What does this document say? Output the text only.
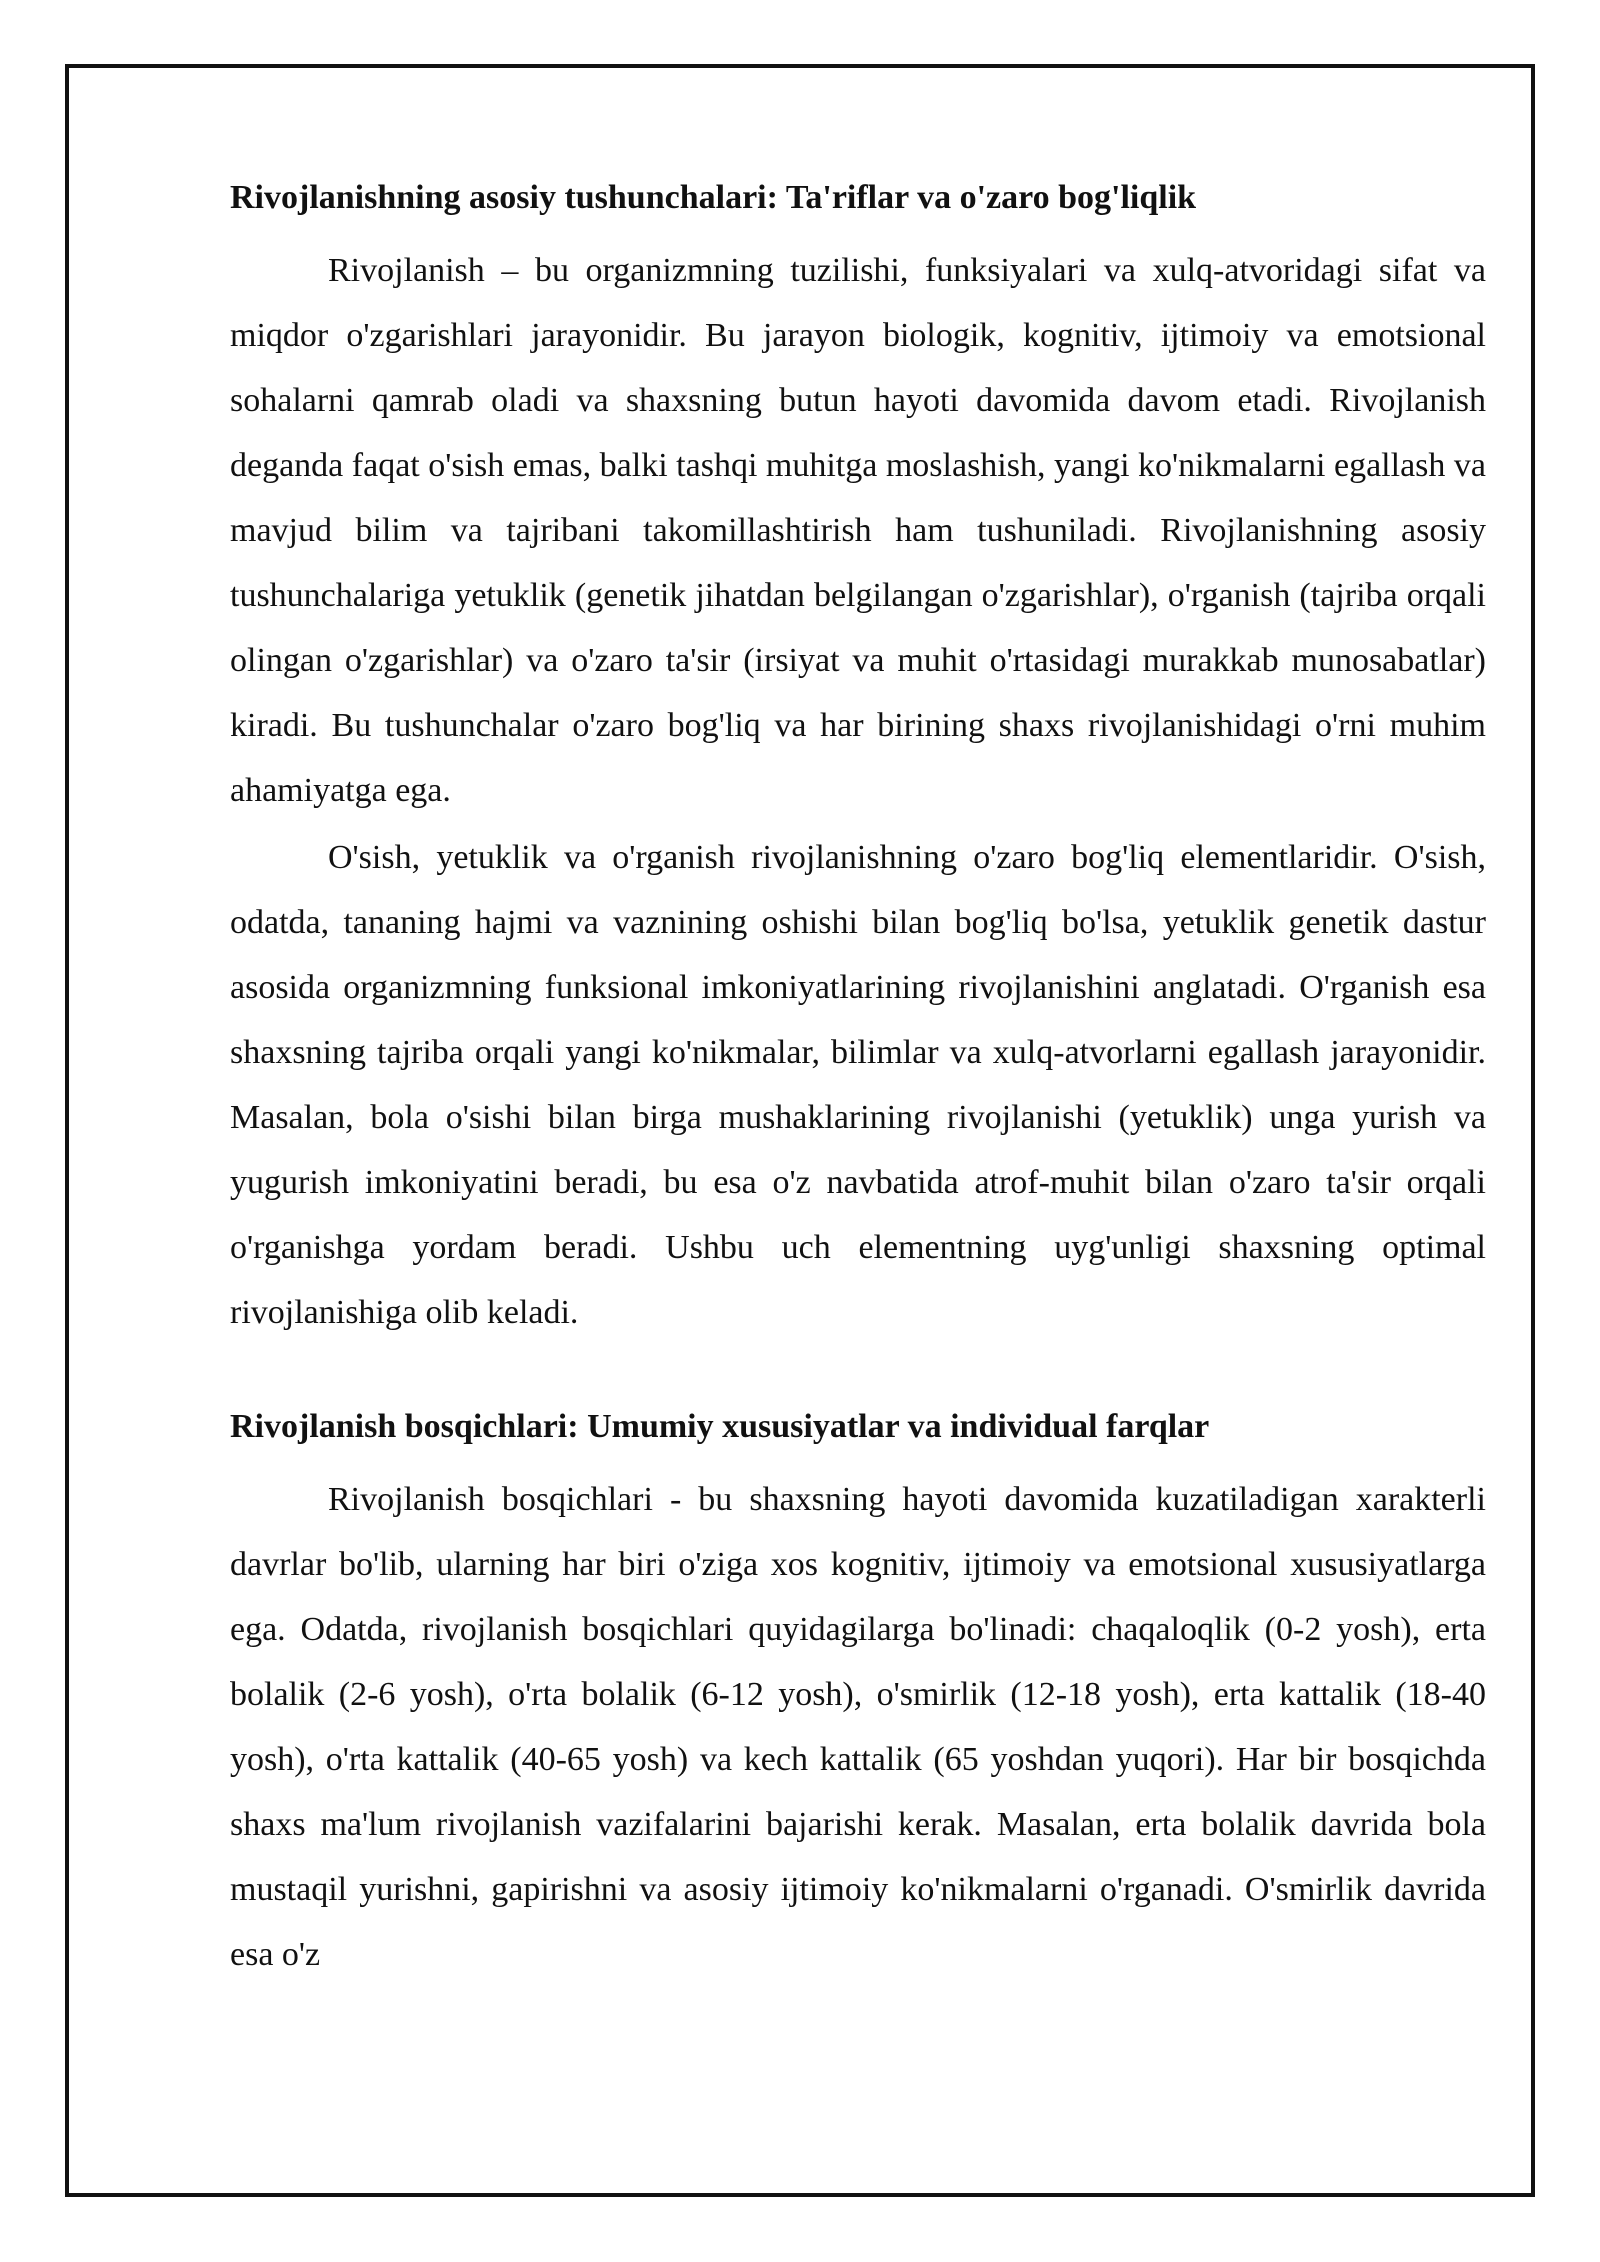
Rivojlanishning asosiy tushunchalari: Ta'riflar va o'zaro bog'liqlik

Rivojlanish – bu organizmning tuzilishi, funksiyalari va xulq-atvoridagi sifat va miqdor o'zgarishlari jarayonidir. Bu jarayon biologik, kognitiv, ijtimoiy va emotsional sohalarni qamrab oladi va shaxsning butun hayoti davomida davom etadi. Rivojlanish deganda faqat o'sish emas, balki tashqi muhitga moslashish, yangi ko'nikmalarni egallash va mavjud bilim va tajribani takomillashtirish ham tushuniladi. Rivojlanishning asosiy tushunchalariga yetuklik (genetik jihatdan belgilangan o'zgarishlar), o'rganish (tajriba orqali olingan o'zgarishlar) va o'zaro ta'sir (irsiyat va muhit o'rtasidagi murakkab munosabatlar) kiradi. Bu tushunchalar o'zaro bog'liq va har birining shaxs rivojlanishidagi o'rni muhim ahamiyatga ega.

O'sish, yetuklik va o'rganish rivojlanishning o'zaro bog'liq elementlaridir. O'sish, odatda, tananing hajmi va vaznining oshishi bilan bog'liq bo'lsa, yetuklik genetik dastur asosida organizmning funksional imkoniyatlarining rivojlanishini anglatadi. O'rganish esa shaxsning tajriba orqali yangi ko'nikmalar, bilimlar va xulq-atvorlarni egallash jarayonidir. Masalan, bola o'sishi bilan birga mushaklarining rivojlanishi (yetuklik) unga yurish va yugurish imkoniyatini beradi, bu esa o'z navbatida atrof-muhit bilan o'zaro ta'sir orqali o'rganishga yordam beradi. Ushbu uch elementning uyg'unligi shaxsning optimal rivojlanishiga olib keladi.

Rivojlanish bosqichlari: Umumiy xususiyatlar va individual farqlar

Rivojlanish bosqichlari - bu shaxsning hayoti davomida kuzatiladigan xarakterli davrlar bo'lib, ularning har biri o'ziga xos kognitiv, ijtimoiy va emotsional xususiyatlarga ega. Odatda, rivojlanish bosqichlari quyidagilarga bo'linadi: chaqaloqlik (0-2 yosh), erta bolalik (2-6 yosh), o'rta bolalik (6-12 yosh), o'smirlik (12-18 yosh), erta kattalik (18-40 yosh), o'rta kattalik (40-65 yosh) va kech kattalik (65 yoshdan yuqori). Har bir bosqichda shaxs ma'lum rivojlanish vazifalarini bajarishi kerak. Masalan, erta bolalik davrida bola mustaqil yurishni, gapirishni va asosiy ijtimoiy ko'nikmalarni o'rganadi. O'smirlik davrida esa o'z
